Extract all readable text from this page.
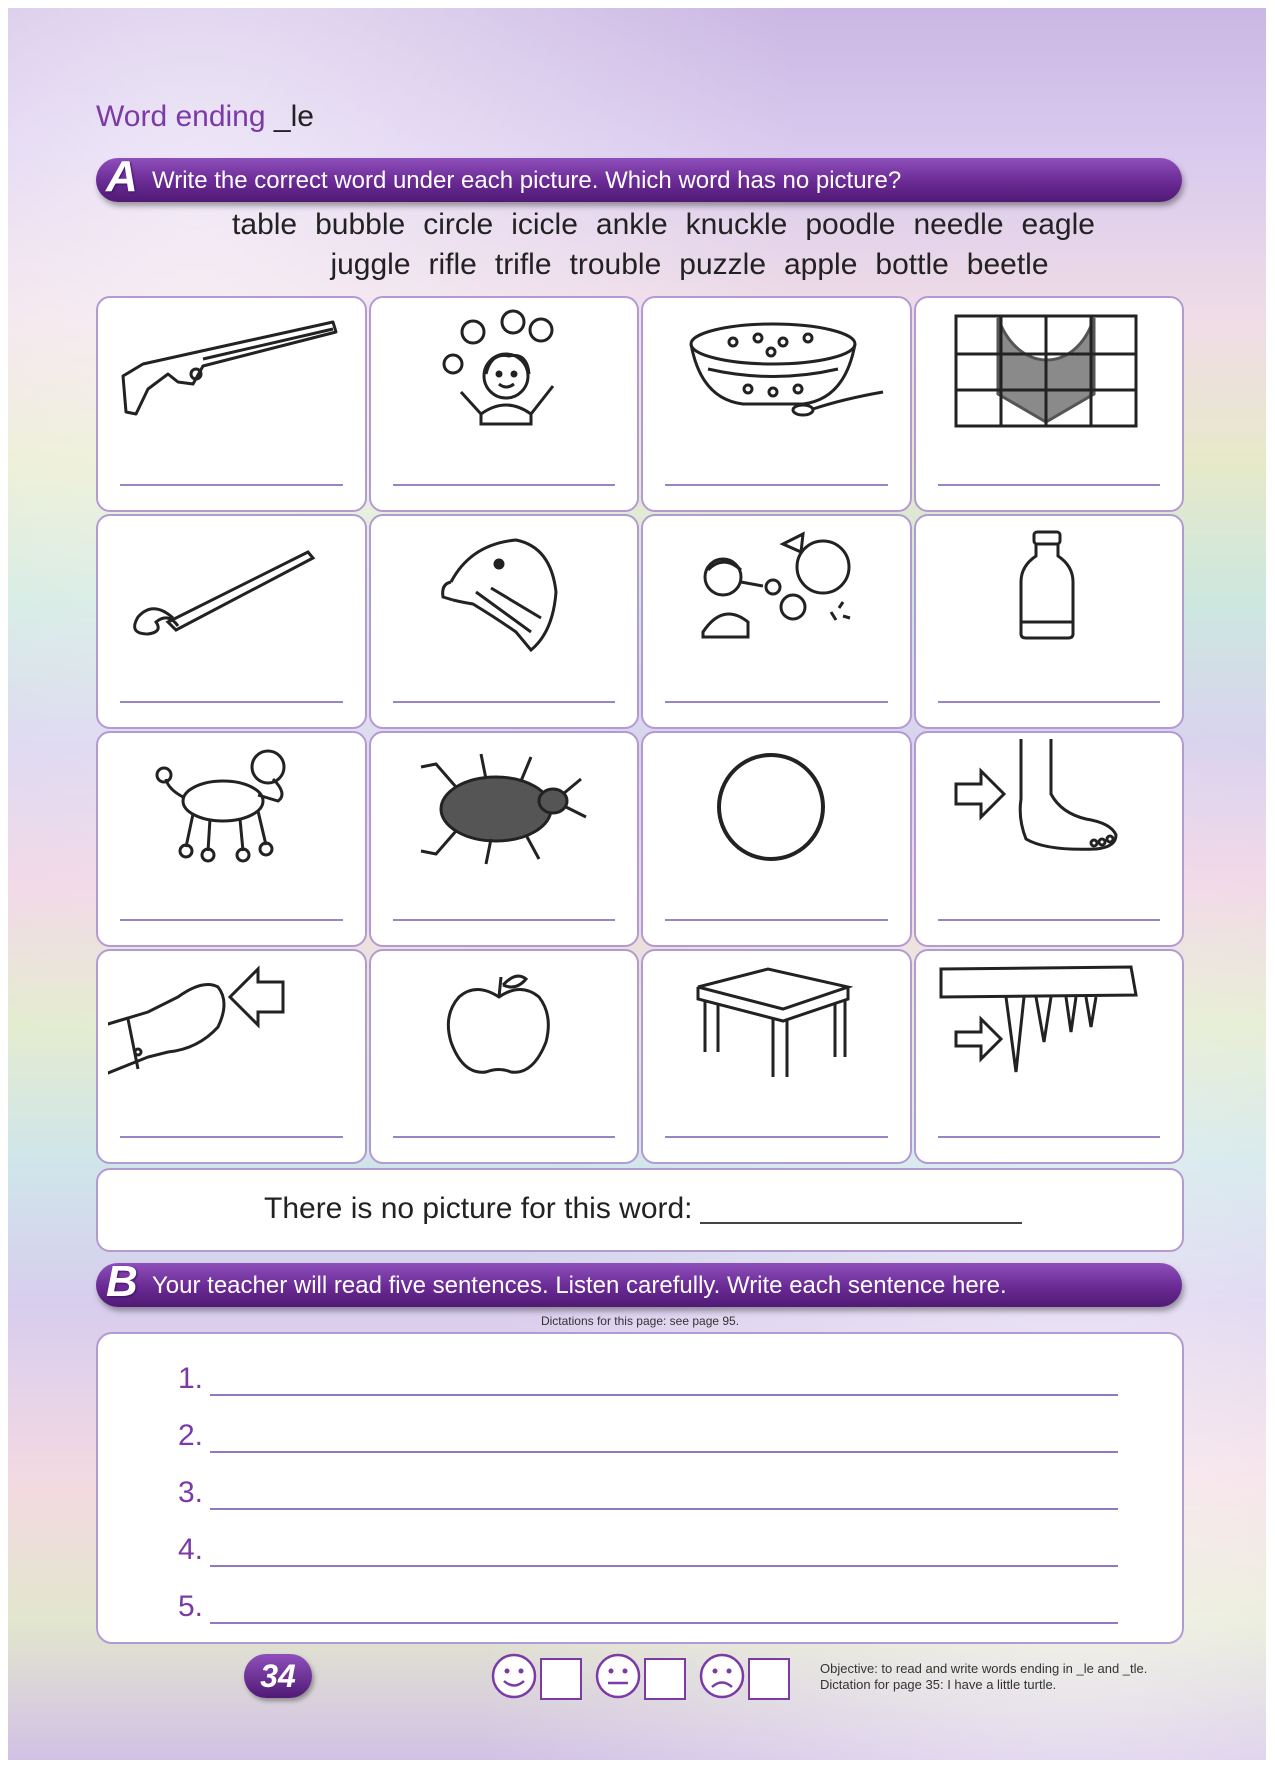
Word ending _le
A Write the correct word under each picture. Which word has no picture?
table bubble circle icicle ankle knuckle poodle needle eagle
juggle rifle trifle trouble puzzle apple bottle beetle
There is no picture for this word:
B Your teacher will read five sentences. Listen carefully. Write each sentence here.
Dictations for this page: see page 95.
1.
2.
3.
4.
5.
34	Objective: to read and write words ending in _le and _tle.
Dictation for page 35: I have a little turtle.
